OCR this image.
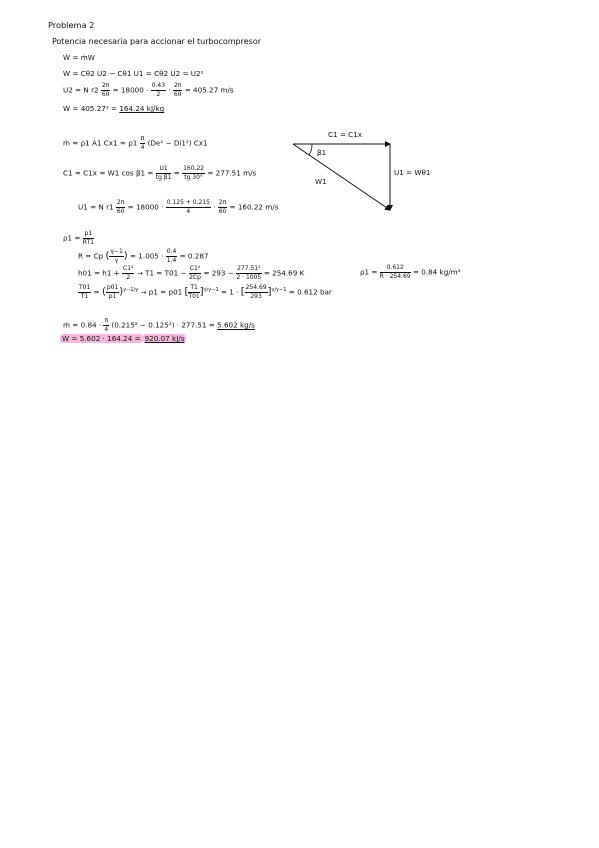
Problema 2
Potencia necesaria para accionar el turbocompresor
Ẇ = ṁW
W = Cθ2 U2 − Cθ1 U1 = Cθ2 U2 = U2²
U2 = N $r2 \frac{2\pi}{60} = 18000 \cdot \frac{0.43}{2} \cdot \frac{2\pi}{60} = 405.27$ m/s
W = 405.27² = 164.24 kJ/kg
ṁ = ρ1 A1 $Cx1 = \rho 1 \frac{\pi}{4} (De^2 - Di1^2)$ Cx1
C1 = C1x = W1 $\cos \beta 1 = \frac{U1}{\text{tg β1}} = \frac{160.22}{tg 30^\circ} = 277.51$ m/s
U1 = N $r1 \frac{2\pi}{60} = 18000 \cdot \frac{0.125 + 0.215}{4} \cdot \frac{2\pi}{60} = 160.22$ m/s
$\rho 1 = \frac{p1}{RT1}$
R = Cp ( $\frac{\gamma-1}{\gamma}$ ) = $1.005 \cdot \frac{0.4}{1.4} = 0.287$
$h01 = h1 + \frac{\text{C1²}}{2} \to T1 = T01 - \frac{\text{C1²}}{2Cp} = 293 - \frac{\text{277.51²}}{2 \cdot 1005} = 254.69$ K
$\frac{T01}{T1}$ = ( $\frac{p01}{p1} )^{\gamma-1/\gamma} \to p1 = p01$ [ $\frac{T1}{T01} ]^{\gamma/\gamma-1} = 1$ · [ $\frac{254.69}{293} ]^{\gamma/\gamma-1} = 0.612$ bar
$\rho 1 = \frac{0.612}{R \cdot 254.69} = 0.84$ kg/m³
ṁ = $0.84 \cdot \frac{\pi}{4} (0.215^2 - 0.125^2) \cdot 277.51 = 5.602$ kg/s
Ẇ = 5.602 · 164.24 = 920.07 kJ/s
C1 = C1x
β1
W1
U1 = Wθ1
